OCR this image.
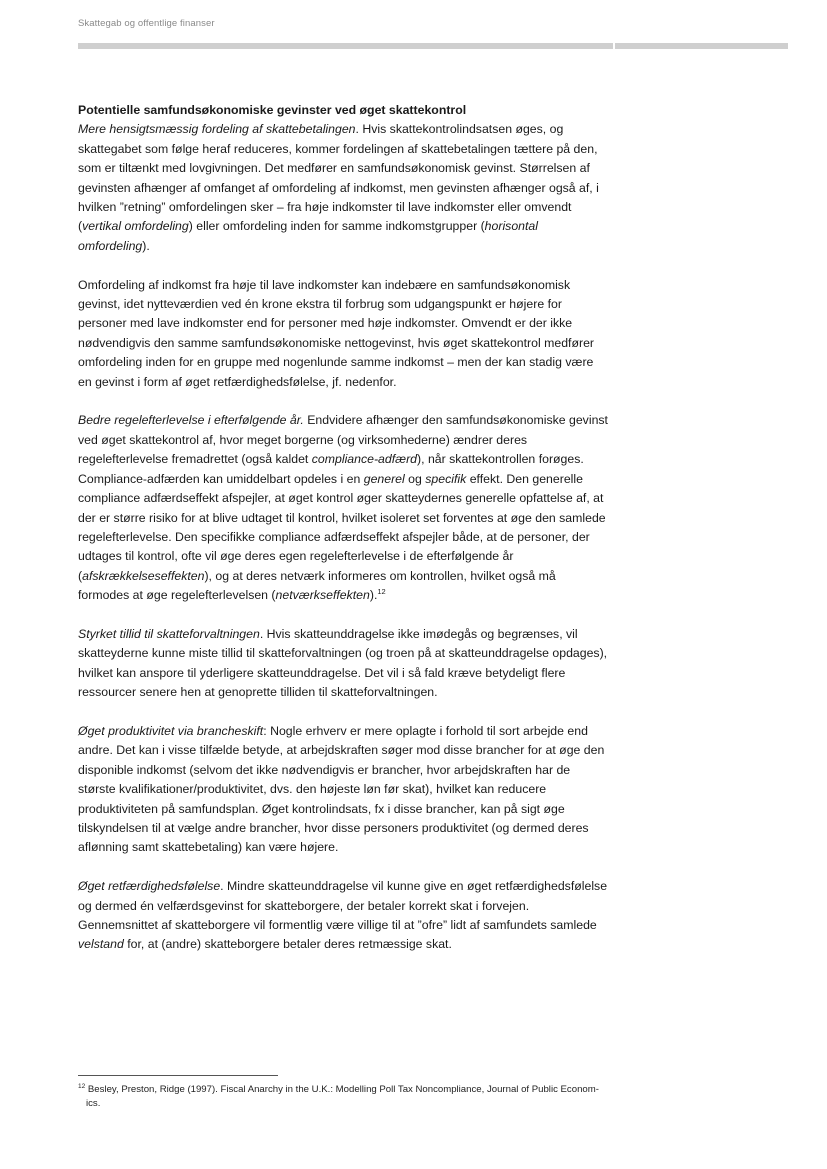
Skattegab og offentlige finanser
Potentielle samfundsøkonomiske gevinster ved øget skattekontrol

Mere hensigtsmæssig fordeling af skattebetalingen. Hvis skattekontrolindsatsen øges, og skattegabet som følge heraf reduceres, kommer fordelingen af skattebetalingen tættere på den, som er tiltænkt med lovgivningen. Det medfører en samfundsøkonomisk gevinst. Størrelsen af gevinsten afhænger af omfanget af omfordeling af indkomst, men gevinsten afhænger også af, i hvilken ”retning” omfordelingen sker – fra høje indkomster til lave indkomster eller omvendt (vertikal omfordeling) eller omfordeling inden for samme indkomstgrupper (horisontal omfordeling).

Omfordeling af indkomst fra høje til lave indkomster kan indebære en samfundsøkonomisk gevinst, idet nytteværdien ved én krone ekstra til forbrug som udgangspunkt er højere for personer med lave indkomster end for personer med høje indkomster. Omvendt er der ikke nødvendigvis den samme samfundsøkonomiske nettogevinst, hvis øget skattekontrol medfører omfordeling inden for en gruppe med nogenlunde samme indkomst – men der kan stadig være en gevinst i form af øget retfærdighedsfølelse, jf. nedenfor.

Bedre regelefterlevelse i efterfølgende år. Endvidere afhænger den samfundsøkonomiske gevinst ved øget skattekontrol af, hvor meget borgerne (og virksomhederne) ændrer deres regelefterlevelse fremadrettet (også kaldet compliance-adfærd), når skattekontrollen forøges. Compliance-adfærden kan umiddelbart opdeles i en generel og specifik effekt. Den generelle compliance adfærdseffekt afspejler, at øget kontrol øger skatteydernes generelle opfattelse af, at der er større risiko for at blive udtaget til kontrol, hvilket isoleret set forventes at øge den samlede regelefterlevelse. Den specifikke compliance adfærdseffekt afspejler både, at de personer, der udtages til kontrol, ofte vil øge deres egen regelefterlevelse i de efterfølgende år (afskrækkelseseffekten), og at deres netværk informeres om kontrollen, hvilket også må formodes at øge regelefterlevelsen (netværkseffekten).$^{12}$

Styrket tillid til skatteforvaltningen. Hvis skatteunddragelse ikke imødegås og begrænses, vil skatteyderne kunne miste tillid til skatteforvaltningen (og troen på at skatteunddragelse opdages), hvilket kan anspore til yderligere skatteunddragelse. Det vil i så fald kræve betydeligt flere ressourcer senere hen at genoprette tilliden til skatteforvaltningen.

Øget produktivitet via brancheskift: Nogle erhverv er mere oplagte i forhold til sort arbejde end andre. Det kan i visse tilfælde betyde, at arbejdskraften søger mod disse brancher for at øge den disponible indkomst (selvom det ikke nødvendigvis er brancher, hvor arbejdskraften har de største kvalifikationer/produktivitet, dvs. den højeste løn før skat), hvilket kan reducere produktiviteten på samfundsplan. Øget kontrolindsats, fx i disse brancher, kan på sigt øge tilskyndelsen til at vælge andre brancher, hvor disse personers produktivitet (og dermed deres aflønning samt skattebetaling) kan være højere.

Øget retfærdighedsfølelse. Mindre skatteunddragelse vil kunne give en øget retfærdighedsfølelse og dermed én velfærdsgevinst for skatteborgere, der betaler korrekt skat i forvejen. Gennemsnittet af skatteborgere vil formentlig være villige til at ”ofre” lidt af samfundets samlede velstand for, at (andre) skatteborgere betaler deres retmæssige skat.

$^{12}$ Besley, Preston, Ridge (1997). Fiscal Anarchy in the U.K.: Modelling Poll Tax Noncompliance, Journal of Public Econom-
ics.
